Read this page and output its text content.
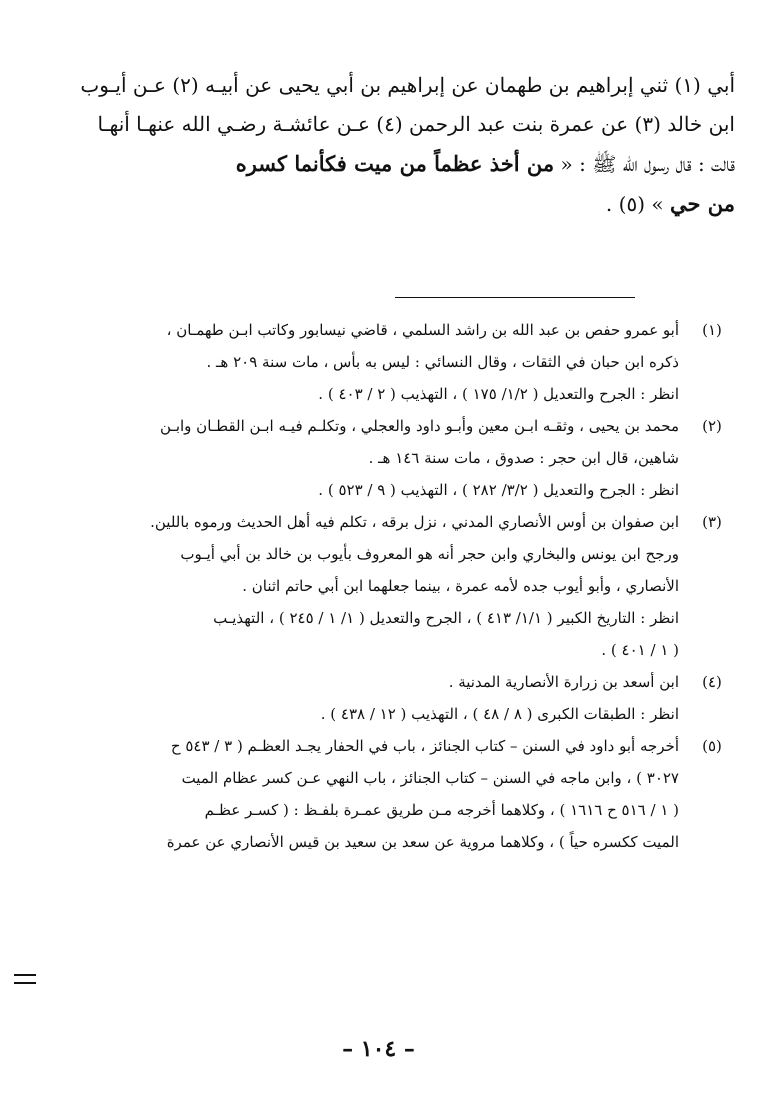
أبي (١) ثني إبراهيم بن طهمان عن إبراهيم بن أبي يحيى عن أبيـه (٢) عـن أيـوب
ابن خالد (٣) عن عمرة بنت عبد الرحمن (٤) عـن عائشـة رضـي الله عنهـا أنهـا
قالت : قال رسول الله ﷺ : « من أخذ عظماً من ميت فكأنما كسره
من حي » (٥) .
(١)
أبو عمرو حفص بن عبد الله بن راشد السلمي ، قاضي نيسابور وكاتب ابـن طهمـان ،
ذكره ابن حبان في الثقات ، وقال النسائي : ليس به بأس ، مات سنة ٢٠٩ هـ .
انظر : الجرح والتعديل ( ١/٢/ ١٧٥ ) ، التهذيب ( ٢ / ٤٠٣ ) .
(٢)
محمد بن يحيى ، وثقـه ابـن معين وأبـو داود والعجلي ، وتكلـم فيـه ابـن القطـان وابـن
شاهين، قال ابن حجر : صدوق ، مات سنة ١٤٦ هـ .
انظر : الجرح والتعديل ( ٣/٢/ ٢٨٢ ) ، التهذيب ( ٩ / ٥٢٣ ) .
(٣)
ابن صفوان بن أوس الأنصاري المدني ، نزل برقه ، تكلم فيه أهل الحديث ورموه باللين.
ورجح ابن يونس والبخاري وابن حجر أنه هو المعروف بأيوب بن خالد بن أبي أيـوب
الأنصاري ، وأبو أيوب جده لأمه عمرة ، بينما جعلهما ابن أبي حاتم اثنان .
انظر : التاريخ الكبير ( ١/١/ ٤١٣ ) ، الجرح والتعديل ( ١/ ١ / ٢٤٥ ) ، التهذيـب
( ١ / ٤٠١ ) .
(٤)
ابن أسعد بن زرارة الأنصارية المدنية .
انظر : الطبقات الكبرى ( ٨ / ٤٨ ) ، التهذيب ( ١٢ / ٤٣٨ ) .
(٥)
أخرجه أبو داود في السنن – كتاب الجنائز ، باب في الحفار يجـد العظـم ( ٣ / ٥٤٣ ح
٣٠٢٧ ) ، وابن ماجه في السنن – كتاب الجنائز ، باب النهي عـن كسر عظام الميت
( ١ / ٥١٦ ح ١٦١٦ ) ، وكلاهما أخرجه مـن طريق عمـرة بلفـظ : ( كسـر عظـم
الميت ككسره حياً ) ، وكلاهما مروية عن سعد بن سعيد بن قيس الأنصاري عن عمرة
– ١٠٤ –
